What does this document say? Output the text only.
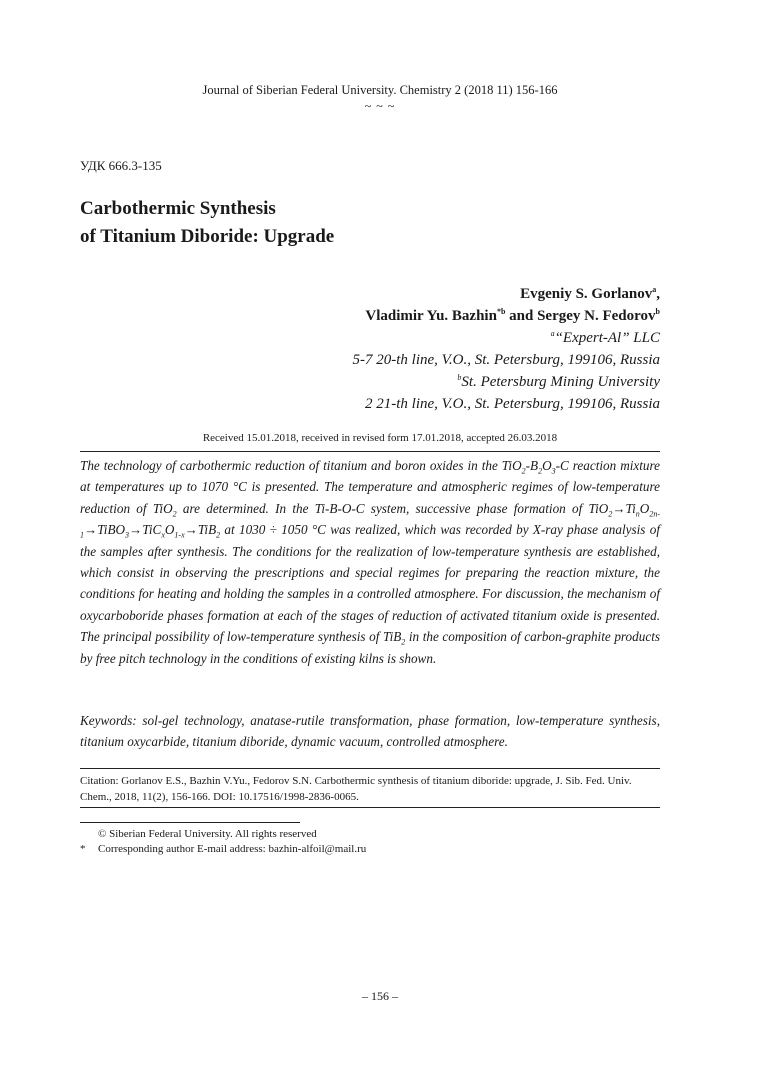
Journal of Siberian Federal University. Chemistry 2 (2018 11) 156-166
~ ~ ~
УДК 666.3-135
Carbothermic Synthesis
of Titanium Diboride: Upgrade
Evgeniy S. Gorlanov$^a$,
Vladimir Yu. Bazhin$^{*b}$ and Sergey N. Fedorov$^b$
$^a$“Expert-Al” LLC
5-7 20-th line, V.O., St. Petersburg, 199106, Russia
$^b$St. Petersburg Mining University
2 21-th line, V.O., St. Petersburg, 199106, Russia
Received 15.01.2018, received in revised form 17.01.2018, accepted 26.03.2018

The technology of carbothermic reduction of titanium and boron oxides in the $TiO_2-B_2O_3-C$ reaction mixture at temperatures up to 1070 °C is presented. The temperature and atmospheric regimes of low-temperature reduction of TiO$_2$ are determined. In the Ti-B-O-C system, successive phase formation of $TiO_2\to Ti_nO_{2n-1}\to TiBO_3\to TiC_xO_{1-x}\to TiB_2$ at 1030 ÷ 1050 °C was realized, which was recorded by X-ray phase analysis of the samples after synthesis. The conditions for the realization of low-temperature synthesis are established, which consist in observing the prescriptions and special regimes for preparing the reaction mixture, the conditions for heating and holding the samples in a controlled atmosphere. For discussion, the mechanism of oxycarboboride phases formation at each of the stages of reduction of activated titanium oxide is presented. The principal possibility of low-temperature synthesis of TiB$_2$ in the composition of carbon-graphite products by free pitch technology in the conditions of existing kilns is shown.

Keywords: sol-gel technology, anatase-rutile transformation, phase formation, low-temperature synthesis, titanium oxycarbide, titanium diboride, dynamic vacuum, controlled atmosphere.
Citation: Gorlanov E.S., Bazhin V.Yu., Fedorov S.N. Carbothermic synthesis of titanium diboride: upgrade, J. Sib. Fed. Univ. Chem., 2018, 11(2), 156-166. DOI: 10.17516/1998-2836-0065.
© Siberian Federal University. All rights reserved
* Corresponding author E-mail address: bazhin-alfoil@mail.ru
– 156 –
